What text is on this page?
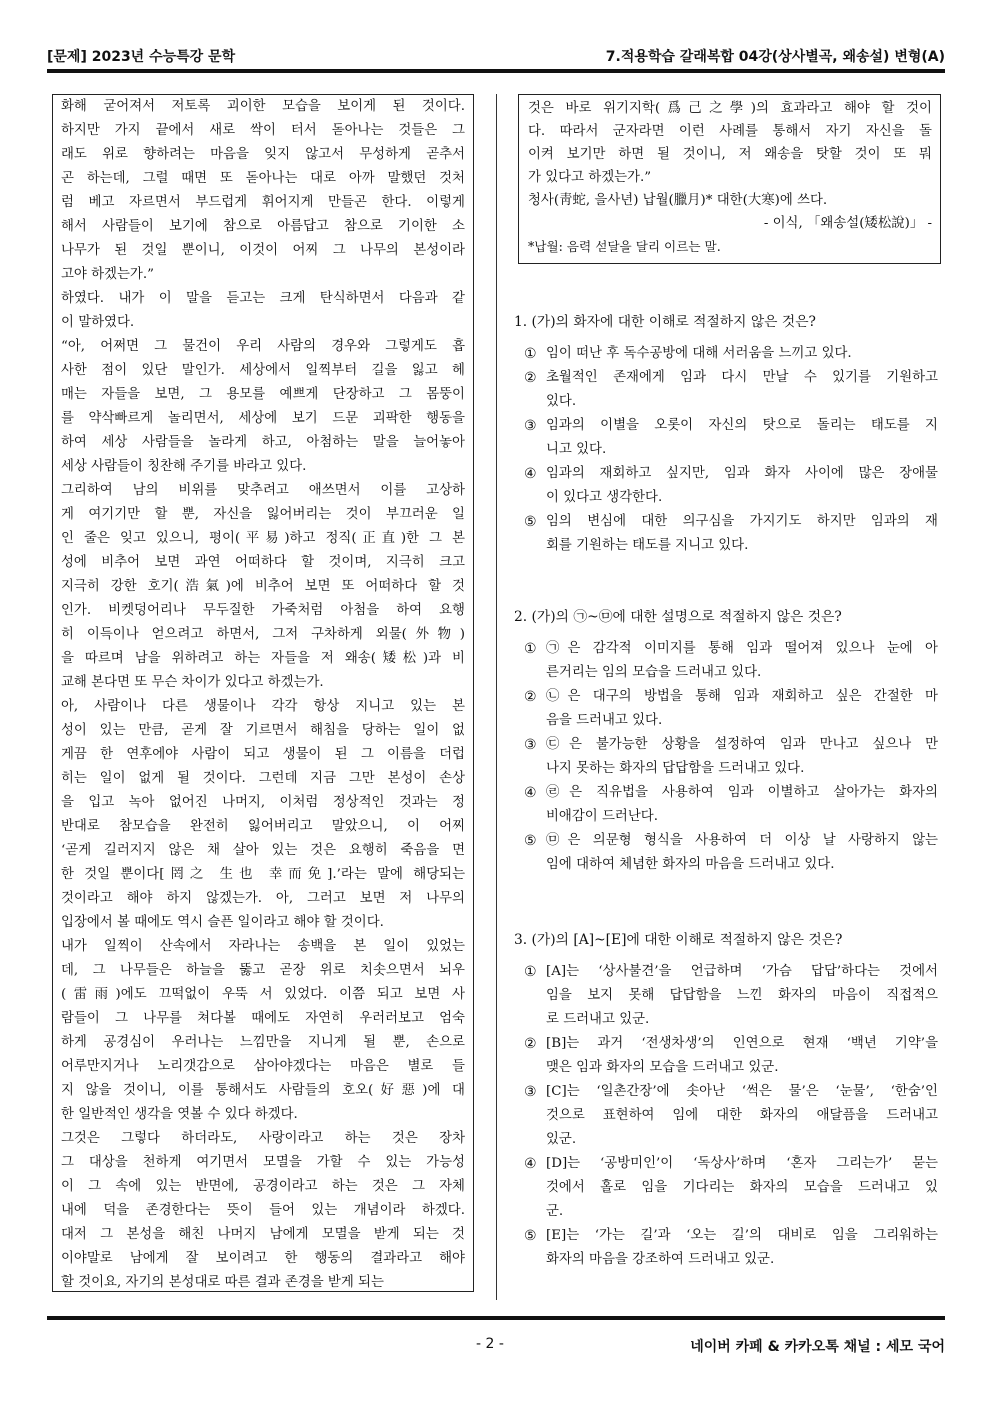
[문제] 2023년 수능특강 문학	7.적용학습 갈래복합 04강(상사별곡, 왜송설) 변형(A)
화해 굳어져서 저토록 괴이한 모습을 보이게 된 것이다.
하지만 가지 끝에서 새로 싹이 터서 돋아나는 것들은 그
래도 위로 향하려는 마음을 잊지 않고서 무성하게 곧추서
곤 하는데, 그럴 때면 또 돋아나는 대로 아까 말했던 것처
럼 베고 자르면서 부드럽게 휘어지게 만들곤 한다. 이렇게
해서 사람들이 보기에 참으로 아름답고 참으로 기이한 소
나무가 된 것일 뿐이니, 이것이 어찌 그 나무의 본성이라
고야 하겠는가.”
하였다. 내가 이 말을 듣고는 크게 탄식하면서 다음과 같
이 말하였다.
“아, 어쩌면 그 물건이 우리 사람의 경우와 그렇게도 흡
사한 점이 있단 말인가. 세상에서 일찍부터 길을 잃고 헤
매는 자들을 보면, 그 용모를 예쁘게 단장하고 그 몸뚱이
를 약삭빠르게 놀리면서, 세상에 보기 드문 괴팍한 행동을
하여 세상 사람들을 놀라게 하고, 아첨하는 말을 늘어놓아
세상 사람들이 칭찬해 주기를 바라고 있다.
그리하여 남의 비위를 맞추려고 애쓰면서 이를 고상하
게 여기기만 할 뿐, 자신을 잃어버리는 것이 부끄러운 일
인 줄은 잊고 있으니, 평이(平易)하고 정직(正直)한 그 본
성에 비추어 보면 과연 어떠하다 할 것이며, 지극히 크고
지극히 강한 호기(浩氣)에 비추어 보면 또 어떠하다 할 것
인가. 비켓덩어리나 무두질한 가죽처럼 아첨을 하여 요행
히 이득이나 얻으려고 하면서, 그저 구차하게 외물(外物)
을 따르며 남을 위하려고 하는 자들을 저 왜송(矮松)과 비
교해 본다면 또 무슨 차이가 있다고 하겠는가.
아, 사람이나 다른 생물이나 각각 항상 지니고 있는 본
성이 있는 만큼, 곧게 잘 기르면서 해침을 당하는 일이 없
게끔 한 연후에야 사람이 되고 생물이 된 그 이름을 더럽
히는 일이 없게 될 것이다. 그런데 지금 그만 본성이 손상
을 입고 녹아 없어진 나머지, 이처럼 정상적인 것과는 정
반대로 참모습을 완전히 잃어버리고 말았으니, 이 어찌
‘곧게 길러지지 않은 채 살아 있는 것은 요행히 죽음을 면
한 것일 뿐이다[罔之 生也 幸而免].’라는 말에 해당되는
것이라고 해야 하지 않겠는가. 아, 그러고 보면 저 나무의
입장에서 볼 때에도 역시 슬픈 일이라고 해야 할 것이다.
내가 일찍이 산속에서 자라나는 송백을 본 일이 있었는
데, 그 나무들은 하늘을 뚫고 곧장 위로 치솟으면서 뇌우
(雷雨)에도 끄떡없이 우뚝 서 있었다. 이쯤 되고 보면 사
람들이 그 나무를 쳐다볼 때에도 자연히 우러러보고 엄숙
하게 공경심이 우러나는 느낌만을 지니게 될 뿐, 손으로
어루만지거나 노리갯감으로 삼아야겠다는 마음은 별로 들
지 않을 것이니, 이를 통해서도 사람들의 호오(好惡)에 대
한 일반적인 생각을 엿볼 수 있다 하겠다.
그것은 그렇다 하더라도, 사랑이라고 하는 것은 장차
그 대상을 천하게 여기면서 모멸을 가할 수 있는 가능성
이 그 속에 있는 반면에, 공경이라고 하는 것은 그 자체
내에 덕을 존경한다는 뜻이 들어 있는 개념이라 하겠다.
대저 그 본성을 해친 나머지 남에게 모멸을 받게 되는 것
이야말로 남에게 잘 보이려고 한 행동의 결과라고 해야
할 것이요, 자기의 본성대로 따른 결과 존경을 받게 되는
것은 바로 위기지학(爲己之學)의 효과라고 해야 할 것이
다. 따라서 군자라면 이런 사례를 통해서 자기 자신을 돌
이켜 보기만 하면 될 것이니, 저 왜송을 탓할 것이 또 뭐
가 있다고 하겠는가.”
청사(靑蛇, 을사년) 납월(臘月)* 대한(大寒)에 쓰다.
- 이식, 「왜송설(矮松說)」 -
*납월: 음력 섣달을 달리 이르는 말.
1. (가)의 화자에 대한 이해로 적절하지 않은 것은?
① 임이 떠난 후 독수공방에 대해 서러움을 느끼고 있다.
② 초월적인 존재에게 임과 다시 만날 수 있기를 기원하고
있다.
③ 임과의 이별을 오롯이 자신의 탓으로 돌리는 태도를 지
니고 있다.
④ 임과의 재회하고 싶지만, 임과 화자 사이에 많은 장애물
이 있다고 생각한다.
⑤ 임의 변심에 대한 의구심을 가지기도 하지만 임과의 재
회를 기원하는 태도를 지니고 있다.
2. (가)의 ㉠~㉤에 대한 설명으로 적절하지 않은 것은?
① ㉠은 감각적 이미지를 통해 임과 떨어져 있으나 눈에 아
른거리는 임의 모습을 드러내고 있다.
② ㉡은 대구의 방법을 통해 임과 재회하고 싶은 간절한 마
음을 드러내고 있다.
③ ㉢은 불가능한 상황을 설정하여 임과 만나고 싶으나 만
나지 못하는 화자의 답답함을 드러내고 있다.
④ ㉣은 직유법을 사용하여 임과 이별하고 살아가는 화자의
비애감이 드러난다.
⑤ ㉤은 의문형 형식을 사용하여 더 이상 날 사랑하지 않는
임에 대하여 체념한 화자의 마음을 드러내고 있다.
3. (가)의 [A]~[E]에 대한 이해로 적절하지 않은 것은?
① [A]는 ‘상사불견’을 언급하며 ‘가슴 답답’하다는 것에서
임을 보지 못해 답답함을 느낀 화자의 마음이 직접적으
로 드러내고 있군.
② [B]는 과거 ‘전생차생’의 인연으로 현재 ‘백년 기약’을
맺은 임과 화자의 모습을 드러내고 있군.
③ [C]는 ‘일촌간장’에 솟아난 ‘썩은 물’은 ‘눈물’, ‘한숨’인
것으로 표현하여 임에 대한 화자의 애달픔을 드러내고
있군.
④ [D]는 ‘공방미인’이 ‘독상사’하며 ‘혼자 그리는가’ 묻는
것에서 홀로 임을 기다리는 화자의 모습을 드러내고 있
군.
⑤ [E]는 ‘가는 길’과 ‘오는 길’의 대비로 임을 그리워하는
화자의 마음을 강조하여 드러내고 있군.
- 2 -	네이버 카페 & 카카오톡 채널 : 세모 국어
